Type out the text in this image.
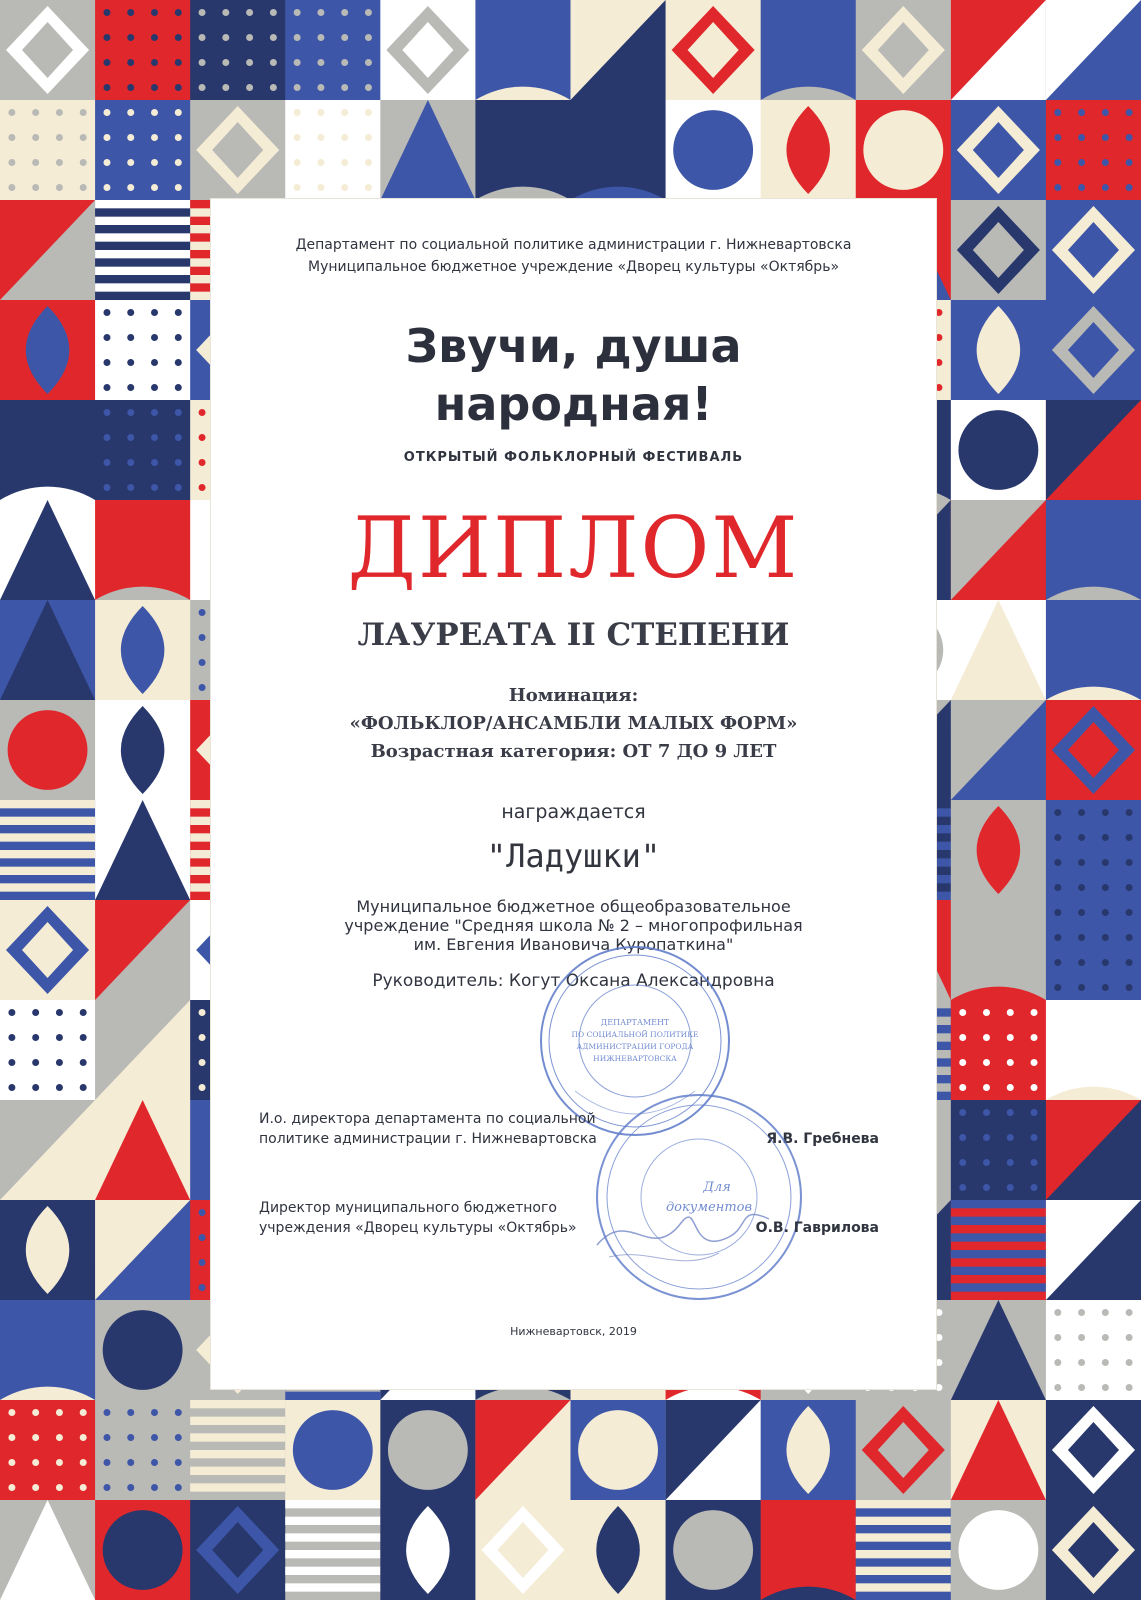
Департамент по социальной политике администрации г. Нижневартовска
Муниципальное бюджетное учреждение «Дворец культуры «Октябрь»
Звучи, душа
народная!
ОТКРЫТЫЙ ФОЛЬКЛОРНЫЙ ФЕСТИВАЛЬ
ДИПЛОМ
ЛАУРЕАТА II СТЕПЕНИ
Номинация:
«ФОЛЬКЛОР/АНСАМБЛИ МАЛЫХ ФОРМ»
Возрастная категория: ОТ 7 ДО 9 ЛЕТ
награждается
"Ладушки"
Муниципальное бюджетное общеобразовательное
учреждение "Средняя школа № 2 – многопрофильная
им. Евгения Ивановича Куропаткина"
Руководитель: Когут Оксана Александровна
ДЕПАРТАМЕНТ
ПО СОЦИАЛЬНОЙ ПОЛИТИКЕ
АДМИНИСТРАЦИИ ГОРОДА
НИЖНЕВАРТОВСКА
И.о. директора департамента по социальной
политике администрации г. Нижневартовска	Я.В. Гребнева
Для
документов
Директор муниципального бюджетного
учреждения «Дворец культуры «Октябрь»	О.В. Гаврилова
Нижневартовск, 2019
